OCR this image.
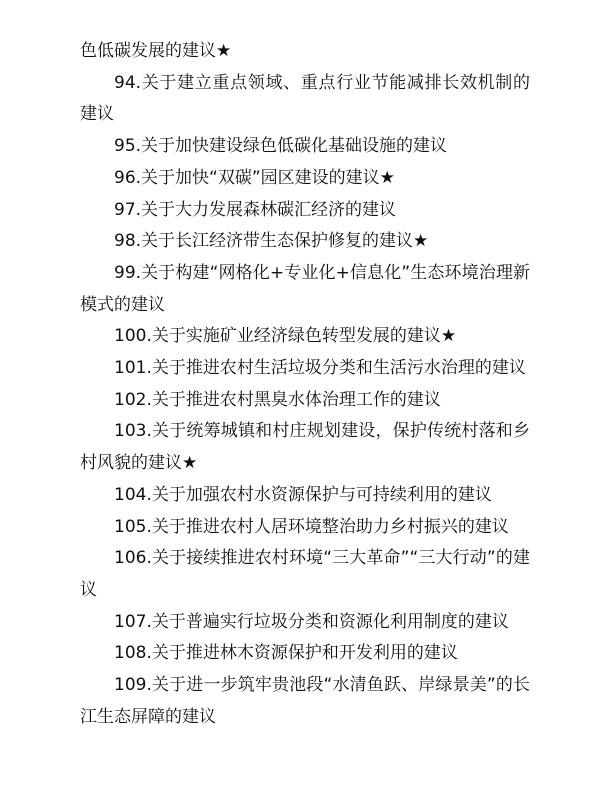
色低碳发展的建议★

94.关于建立重点领域、重点行业节能减排长效机制的建议

95.关于加快建设绿色低碳化基础设施的建议

96.关于加快“双碳”园区建设的建议★

97.关于大力发展森林碳汇经济的建议

98.关于长江经济带生态保护修复的建议★

99.关于构建“网格化+专业化+信息化”生态环境治理新模式的建议

100.关于实施矿业经济绿色转型发展的建议★

101.关于推进农村生活垃圾分类和生活污水治理的建议

102.关于推进农村黑臭水体治理工作的建议

103.关于统筹城镇和村庄规划建设，保护传统村落和乡村风貌的建议★

104.关于加强农村水资源保护与可持续利用的建议

105.关于推进农村人居环境整治助力乡村振兴的建议

106.关于接续推进农村环境“三大革命”“三大行动”的建议

107.关于普遍实行垃圾分类和资源化利用制度的建议

108.关于推进林木资源保护和开发利用的建议

109.关于进一步筑牢贵池段“水清鱼跃、岸绿景美”的长江生态屏障的建议
